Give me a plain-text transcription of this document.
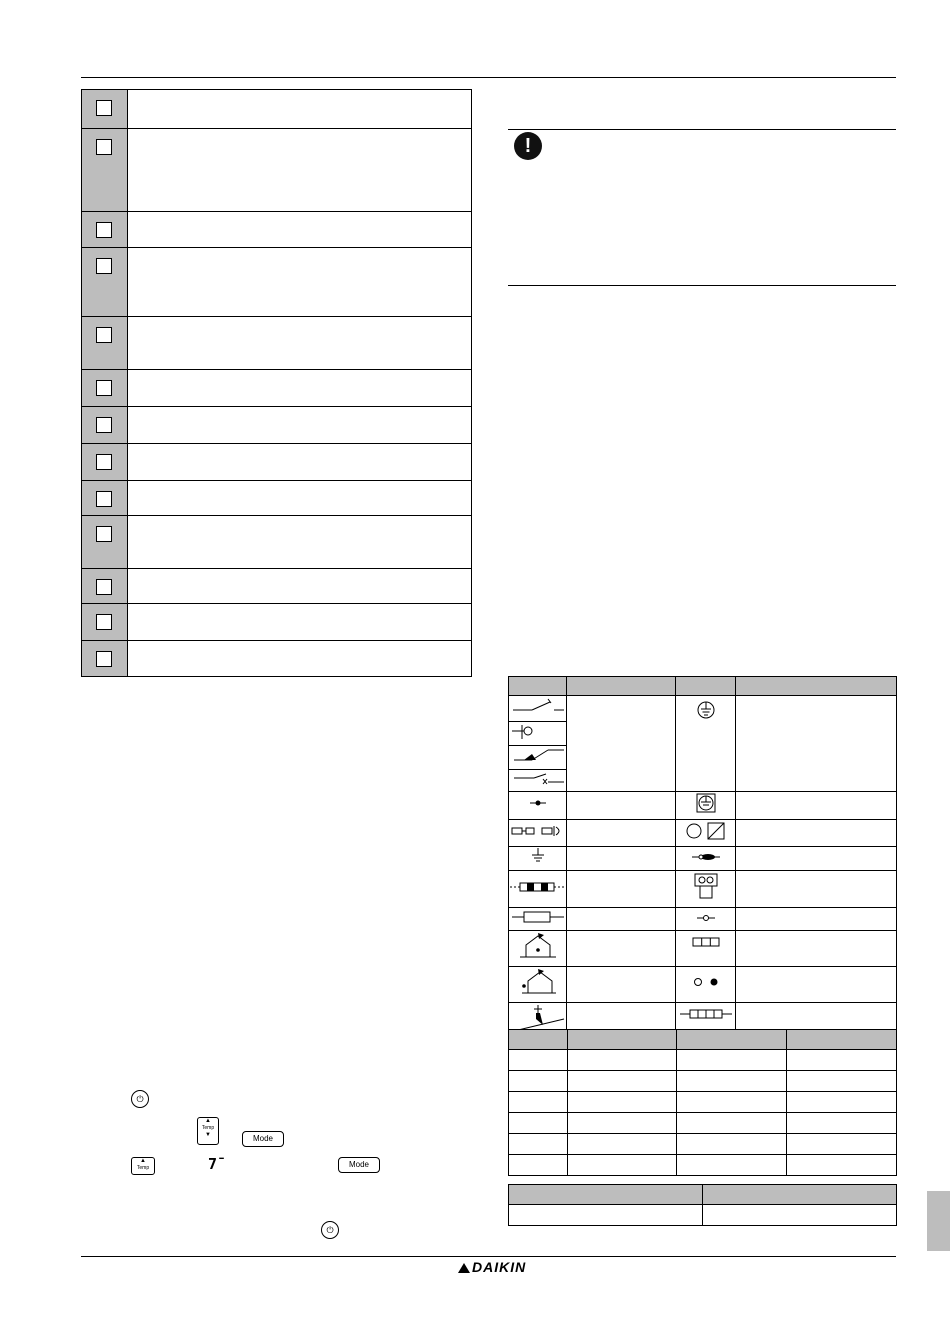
!

⏻
▲
Temp
▼	Mode
▲
Temp	7̄	Mode
⏻
DAIKIN
